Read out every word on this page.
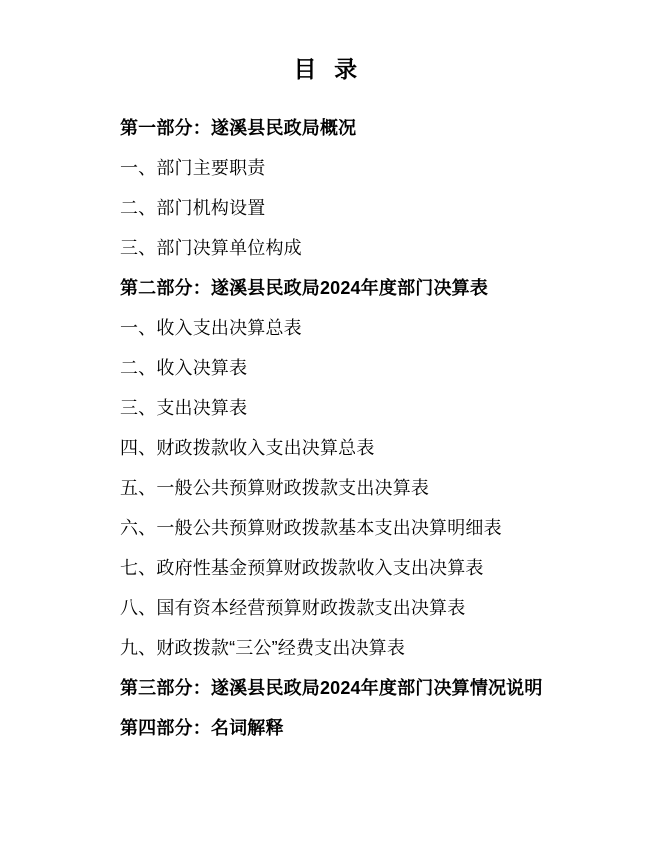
目 录
第一部分：遂溪县民政局概况
一、部门主要职责
二、部门机构设置
三、部门决算单位构成
第二部分：遂溪县民政局2024年度部门决算表
一、收入支出决算总表
二、收入决算表
三、支出决算表
四、财政拨款收入支出决算总表
五、一般公共预算财政拨款支出决算表
六、一般公共预算财政拨款基本支出决算明细表
七、政府性基金预算财政拨款收入支出决算表
八、国有资本经营预算财政拨款支出决算表
九、财政拨款“三公”经费支出决算表
第三部分：遂溪县民政局2024年度部门决算情况说明
第四部分：名词解释
